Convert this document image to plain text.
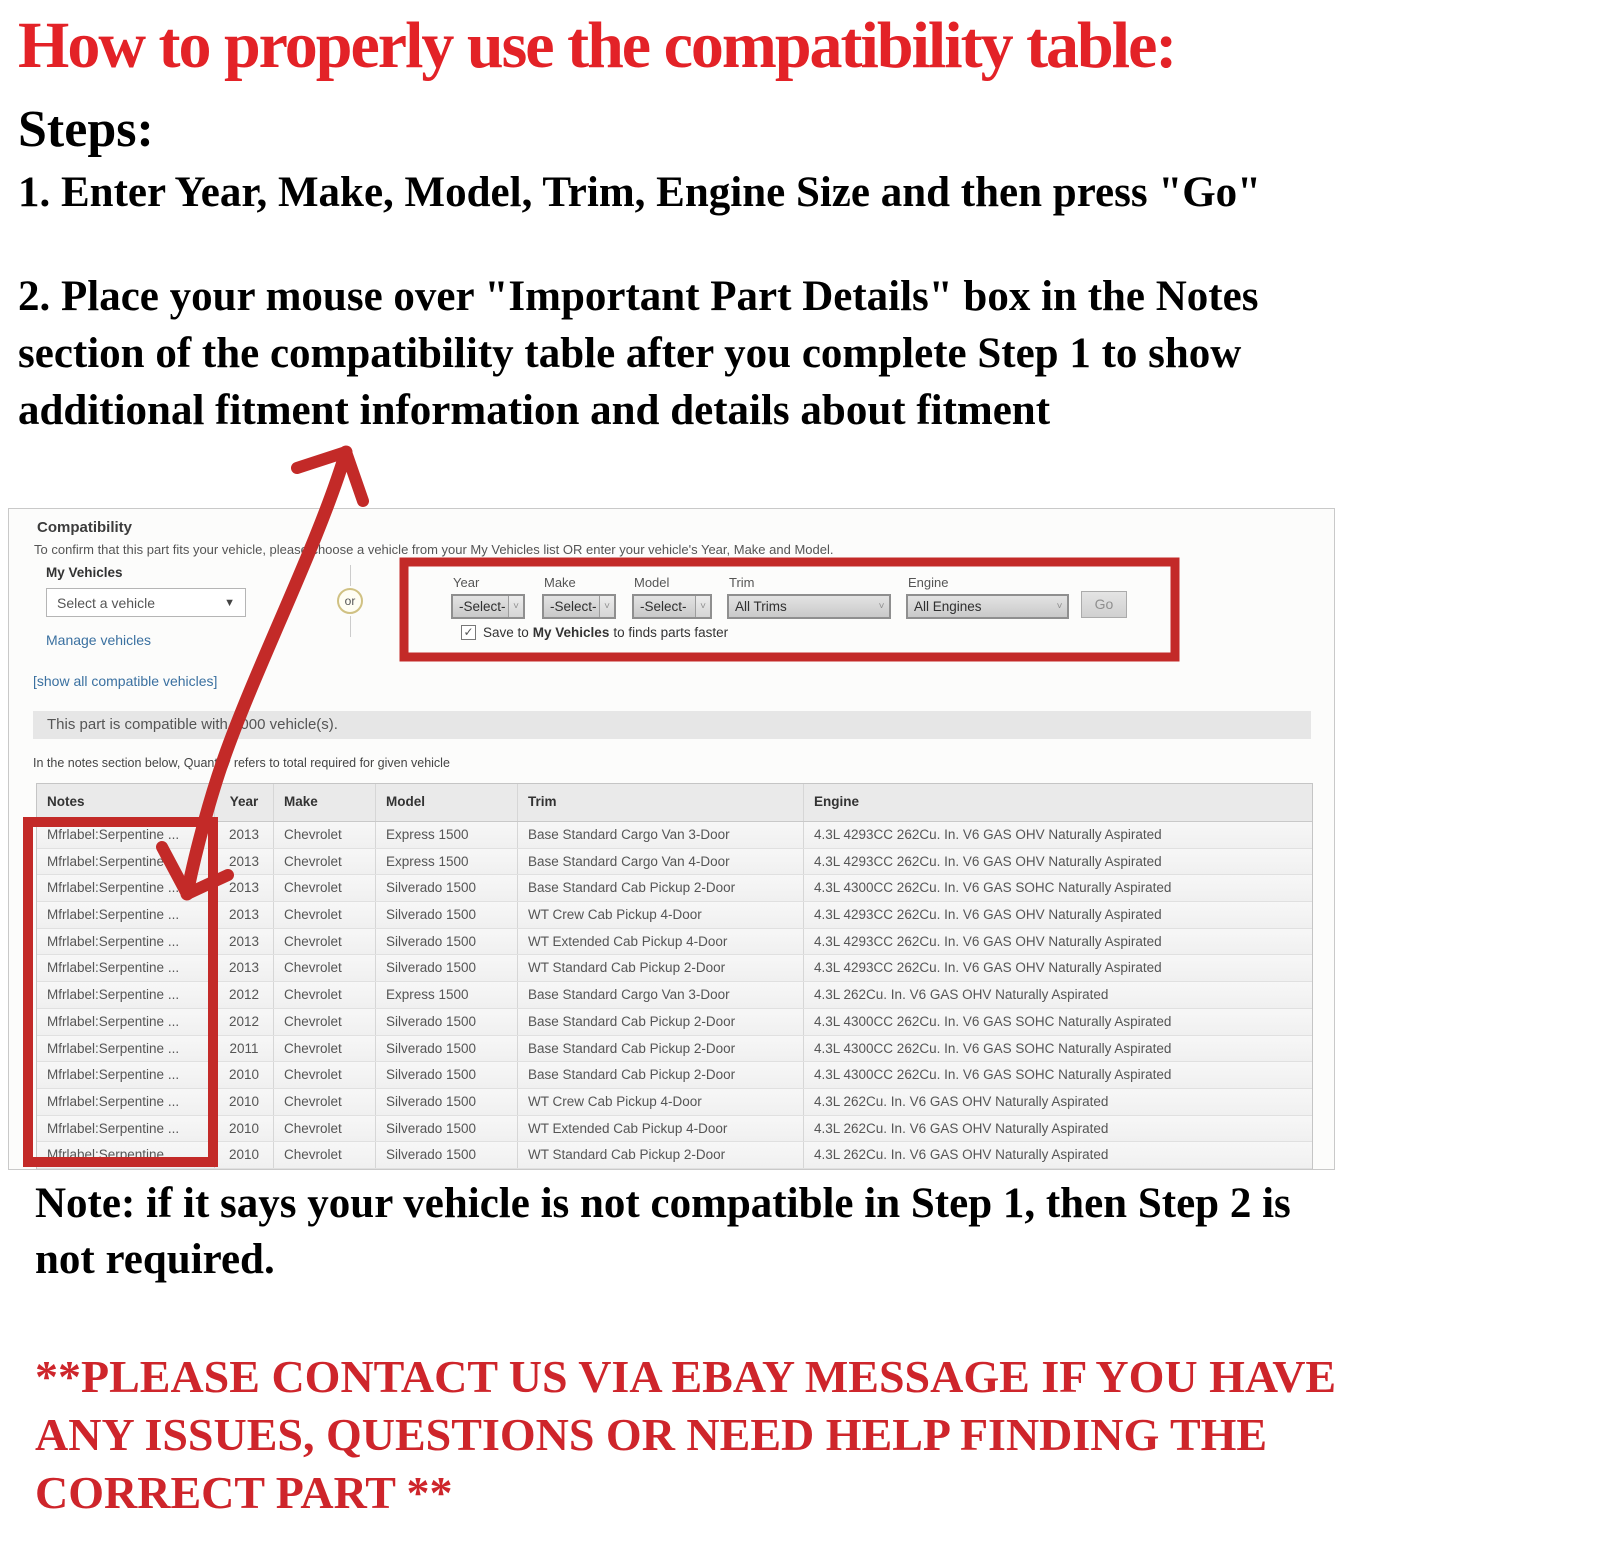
How to properly use the compatibility table:
Steps:
1. Enter Year, Make, Model, Trim, Engine Size and then press "Go"
2. Place your mouse over "Important Part Details" box in the Notes
section of the compatibility table after you complete Step 1 to show
additional fitment information and details about fitment
Compatibility
To confirm that this part fits your vehicle, please choose a vehicle from your My Vehicles list OR enter your vehicle's Year, Make and Model.
My Vehicles
Select a vehicle	▼
Manage vehicles
[show all compatible vehicles]
or
Year	Make	Model	Trim	Engine
-Select- ˅	-Select- ˅	-Select-	˅	All Trims	˅	All Engines	˅	Go
✓ Save to My Vehicles to finds parts faster
This part is compatible with 1000 vehicle(s).
In the notes section below, Quantity refers to total required for given vehicle
Notes	Year	Make	Model	Trim	Engine
Mfrlabel:Serpentine ...	2013	Chevrolet	Express 1500	Base Standard Cargo Van 3-Door	4.3L 4293CC 262Cu. In. V6 GAS OHV Naturally Aspirated
Mfrlabel:Serpentine ...	2013	Chevrolet	Express 1500	Base Standard Cargo Van 4-Door	4.3L 4293CC 262Cu. In. V6 GAS OHV Naturally Aspirated
Mfrlabel:Serpentine ...	2013	Chevrolet	Silverado 1500	Base Standard Cab Pickup 2-Door	4.3L 4300CC 262Cu. In. V6 GAS SOHC Naturally Aspirated
Mfrlabel:Serpentine ...	2013	Chevrolet	Silverado 1500	WT Crew Cab Pickup 4-Door	4.3L 4293CC 262Cu. In. V6 GAS OHV Naturally Aspirated
Mfrlabel:Serpentine ...	2013	Chevrolet	Silverado 1500	WT Extended Cab Pickup 4-Door	4.3L 4293CC 262Cu. In. V6 GAS OHV Naturally Aspirated
Mfrlabel:Serpentine ...	2013	Chevrolet	Silverado 1500	WT Standard Cab Pickup 2-Door	4.3L 4293CC 262Cu. In. V6 GAS OHV Naturally Aspirated
Mfrlabel:Serpentine ...	2012	Chevrolet	Express 1500	Base Standard Cargo Van 3-Door	4.3L 262Cu. In. V6 GAS OHV Naturally Aspirated
Mfrlabel:Serpentine ...	2012	Chevrolet	Silverado 1500	Base Standard Cab Pickup 2-Door	4.3L 4300CC 262Cu. In. V6 GAS SOHC Naturally Aspirated
Mfrlabel:Serpentine ...	2011	Chevrolet	Silverado 1500	Base Standard Cab Pickup 2-Door	4.3L 4300CC 262Cu. In. V6 GAS SOHC Naturally Aspirated
Mfrlabel:Serpentine ...	2010	Chevrolet	Silverado 1500	Base Standard Cab Pickup 2-Door	4.3L 4300CC 262Cu. In. V6 GAS SOHC Naturally Aspirated
Mfrlabel:Serpentine ...	2010	Chevrolet	Silverado 1500	WT Crew Cab Pickup 4-Door	4.3L 262Cu. In. V6 GAS OHV Naturally Aspirated
Mfrlabel:Serpentine ...	2010	Chevrolet	Silverado 1500	WT Extended Cab Pickup 4-Door	4.3L 262Cu. In. V6 GAS OHV Naturally Aspirated
Mfrlabel:Serpentine ...	2010	Chevrolet	Silverado 1500	WT Standard Cab Pickup 2-Door	4.3L 262Cu. In. V6 GAS OHV Naturally Aspirated
Note: if it says your vehicle is not compatible in Step 1, then Step 2 is
not required.
**PLEASE CONTACT US VIA EBAY MESSAGE IF YOU HAVE
ANY ISSUES, QUESTIONS OR NEED HELP FINDING THE
CORRECT PART **
